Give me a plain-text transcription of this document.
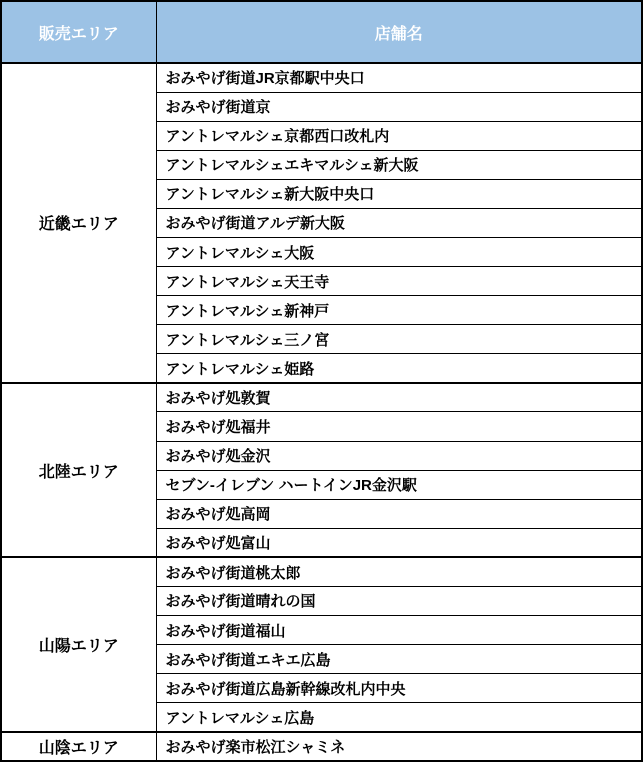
販売エリア	店舗名
近畿エリア	おみやげ街道JR京都駅中央口
	おみやげ街道京
	アントレマルシェ京都西口改札内
	アントレマルシェエキマルシェ新大阪
	アントレマルシェ新大阪中央口
	おみやげ街道アルデ新大阪
	アントレマルシェ大阪
	アントレマルシェ天王寺
	アントレマルシェ新神戸
	アントレマルシェ三ノ宮
	アントレマルシェ姫路
北陸エリア	おみやげ処敦賀
	おみやげ処福井
	おみやげ処金沢
	セブン-イレブン ハートインJR金沢駅
	おみやげ処高岡
	おみやげ処富山
山陽エリア	おみやげ街道桃太郎
	おみやげ街道晴れの国
	おみやげ街道福山
	おみやげ街道エキエ広島
	おみやげ街道広島新幹線改札内中央
	アントレマルシェ広島
山陰エリア	おみやげ楽市松江シャミネ
